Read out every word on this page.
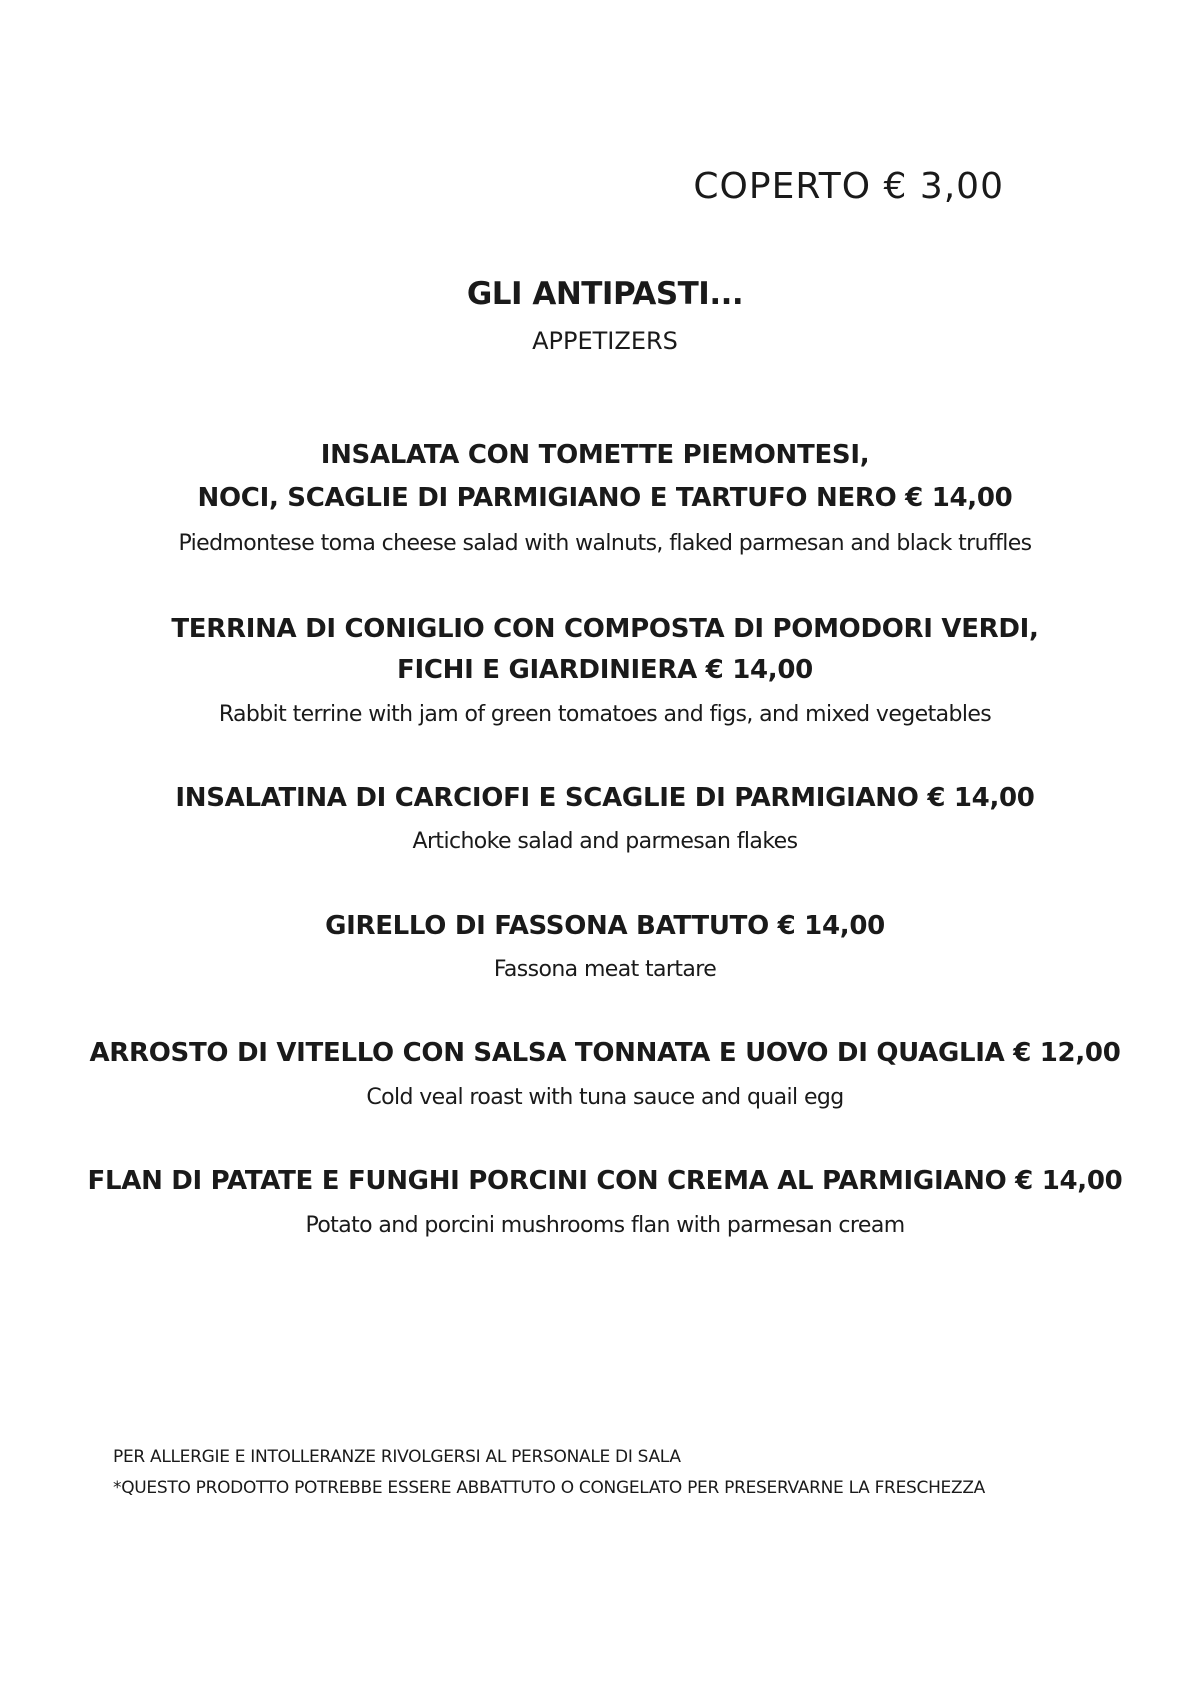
COPERTO € 3,00
GLI ANTIPASTI...
APPETIZERS
INSALATA CON TOMETTE PIEMONTESI,
NOCI, SCAGLIE DI PARMIGIANO E TARTUFO NERO € 14,00
Piedmontese toma cheese salad with walnuts, flaked parmesan and black truffles
TERRINA DI CONIGLIO CON COMPOSTA DI POMODORI VERDI,
FICHI E GIARDINIERA € 14,00
Rabbit terrine with jam of green tomatoes and figs, and mixed vegetables
INSALATINA DI CARCIOFI E SCAGLIE DI PARMIGIANO € 14,00
Artichoke salad and parmesan flakes
GIRELLO DI FASSONA BATTUTO € 14,00
Fassona meat tartare
ARROSTO DI VITELLO CON SALSA TONNATA E UOVO DI QUAGLIA € 12,00
Cold veal roast with tuna sauce and quail egg
FLAN DI PATATE E FUNGHI PORCINI CON CREMA AL PARMIGIANO € 14,00
Potato and porcini mushrooms flan with parmesan cream
PER ALLERGIE E INTOLLERANZE RIVOLGERSI AL PERSONALE DI SALA
*QUESTO PRODOTTO POTREBBE ESSERE ABBATTUTO O CONGELATO PER PRESERVARNE LA FRESCHEZZA
